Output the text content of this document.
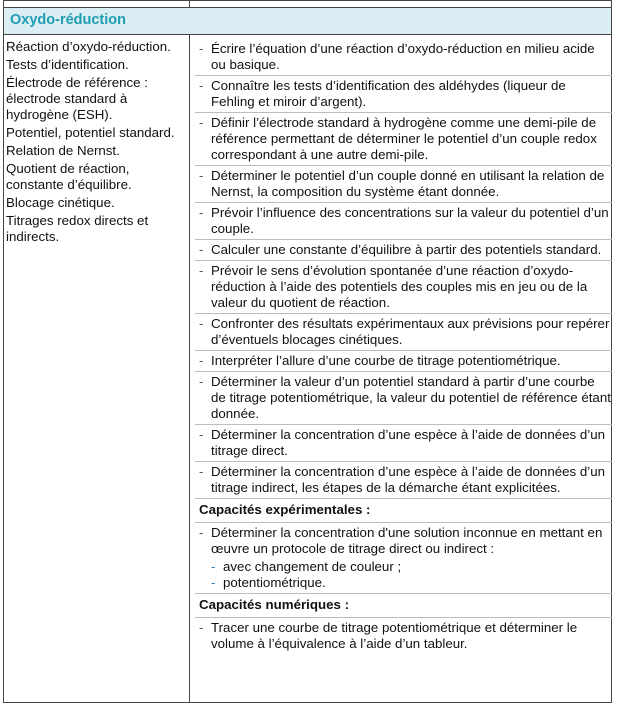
Oxydo-réduction

Réaction d’oxydo-réduction.

Tests d’identification.

Électrode de référence : électrode standard à hydrogène (ESH).

Potentiel, potentiel standard.

Relation de Nernst.

Quotient de réaction, constante d’équilibre.

Blocage cinétique.

Titrages redox directs et indirects.

- Écrire l’équation d’une réaction d’oxydo-réduction en milieu acide ou basique.
- Connaître les tests d’identification des aldéhydes (liqueur de Fehling et miroir d’argent).
- Définir l’électrode standard à hydrogène comme une demi-pile de référence permettant de déterminer le potentiel d’un couple redox correspondant à une autre demi-pile.
- Déterminer le potentiel d’un couple donné en utilisant la relation de Nernst, la composition du système étant donnée.
- Prévoir l’influence des concentrations sur la valeur du potentiel d’un couple.
- Calculer une constante d’équilibre à partir des potentiels standard.
- Prévoir le sens d’évolution spontanée d’une réaction d’oxydo-réduction à l’aide des potentiels des couples mis en jeu ou de la valeur du quotient de réaction.
- Confronter des résultats expérimentaux aux prévisions pour repérer d’éventuels blocages cinétiques.
- Interpréter l’allure d’une courbe de titrage potentiométrique.
- Déterminer la valeur d’un potentiel standard à partir d’une courbe de titrage potentiométrique, la valeur du potentiel de référence étant donnée.
- Déterminer la concentration d’une espèce à l’aide de données d’un titrage direct.
- Déterminer la concentration d’une espèce à l’aide de données d’un titrage indirect, les étapes de la démarche étant explicitées.
Capacités expérimentales :
- Déterminer la concentration d'une solution inconnue en mettant en œuvre un protocole de titrage direct ou indirect :
- avec changement de couleur ;
- potentiométrique.
Capacités numériques :
- Tracer une courbe de titrage potentiométrique et déterminer le volume à l’équivalence à l’aide d’un tableur.
